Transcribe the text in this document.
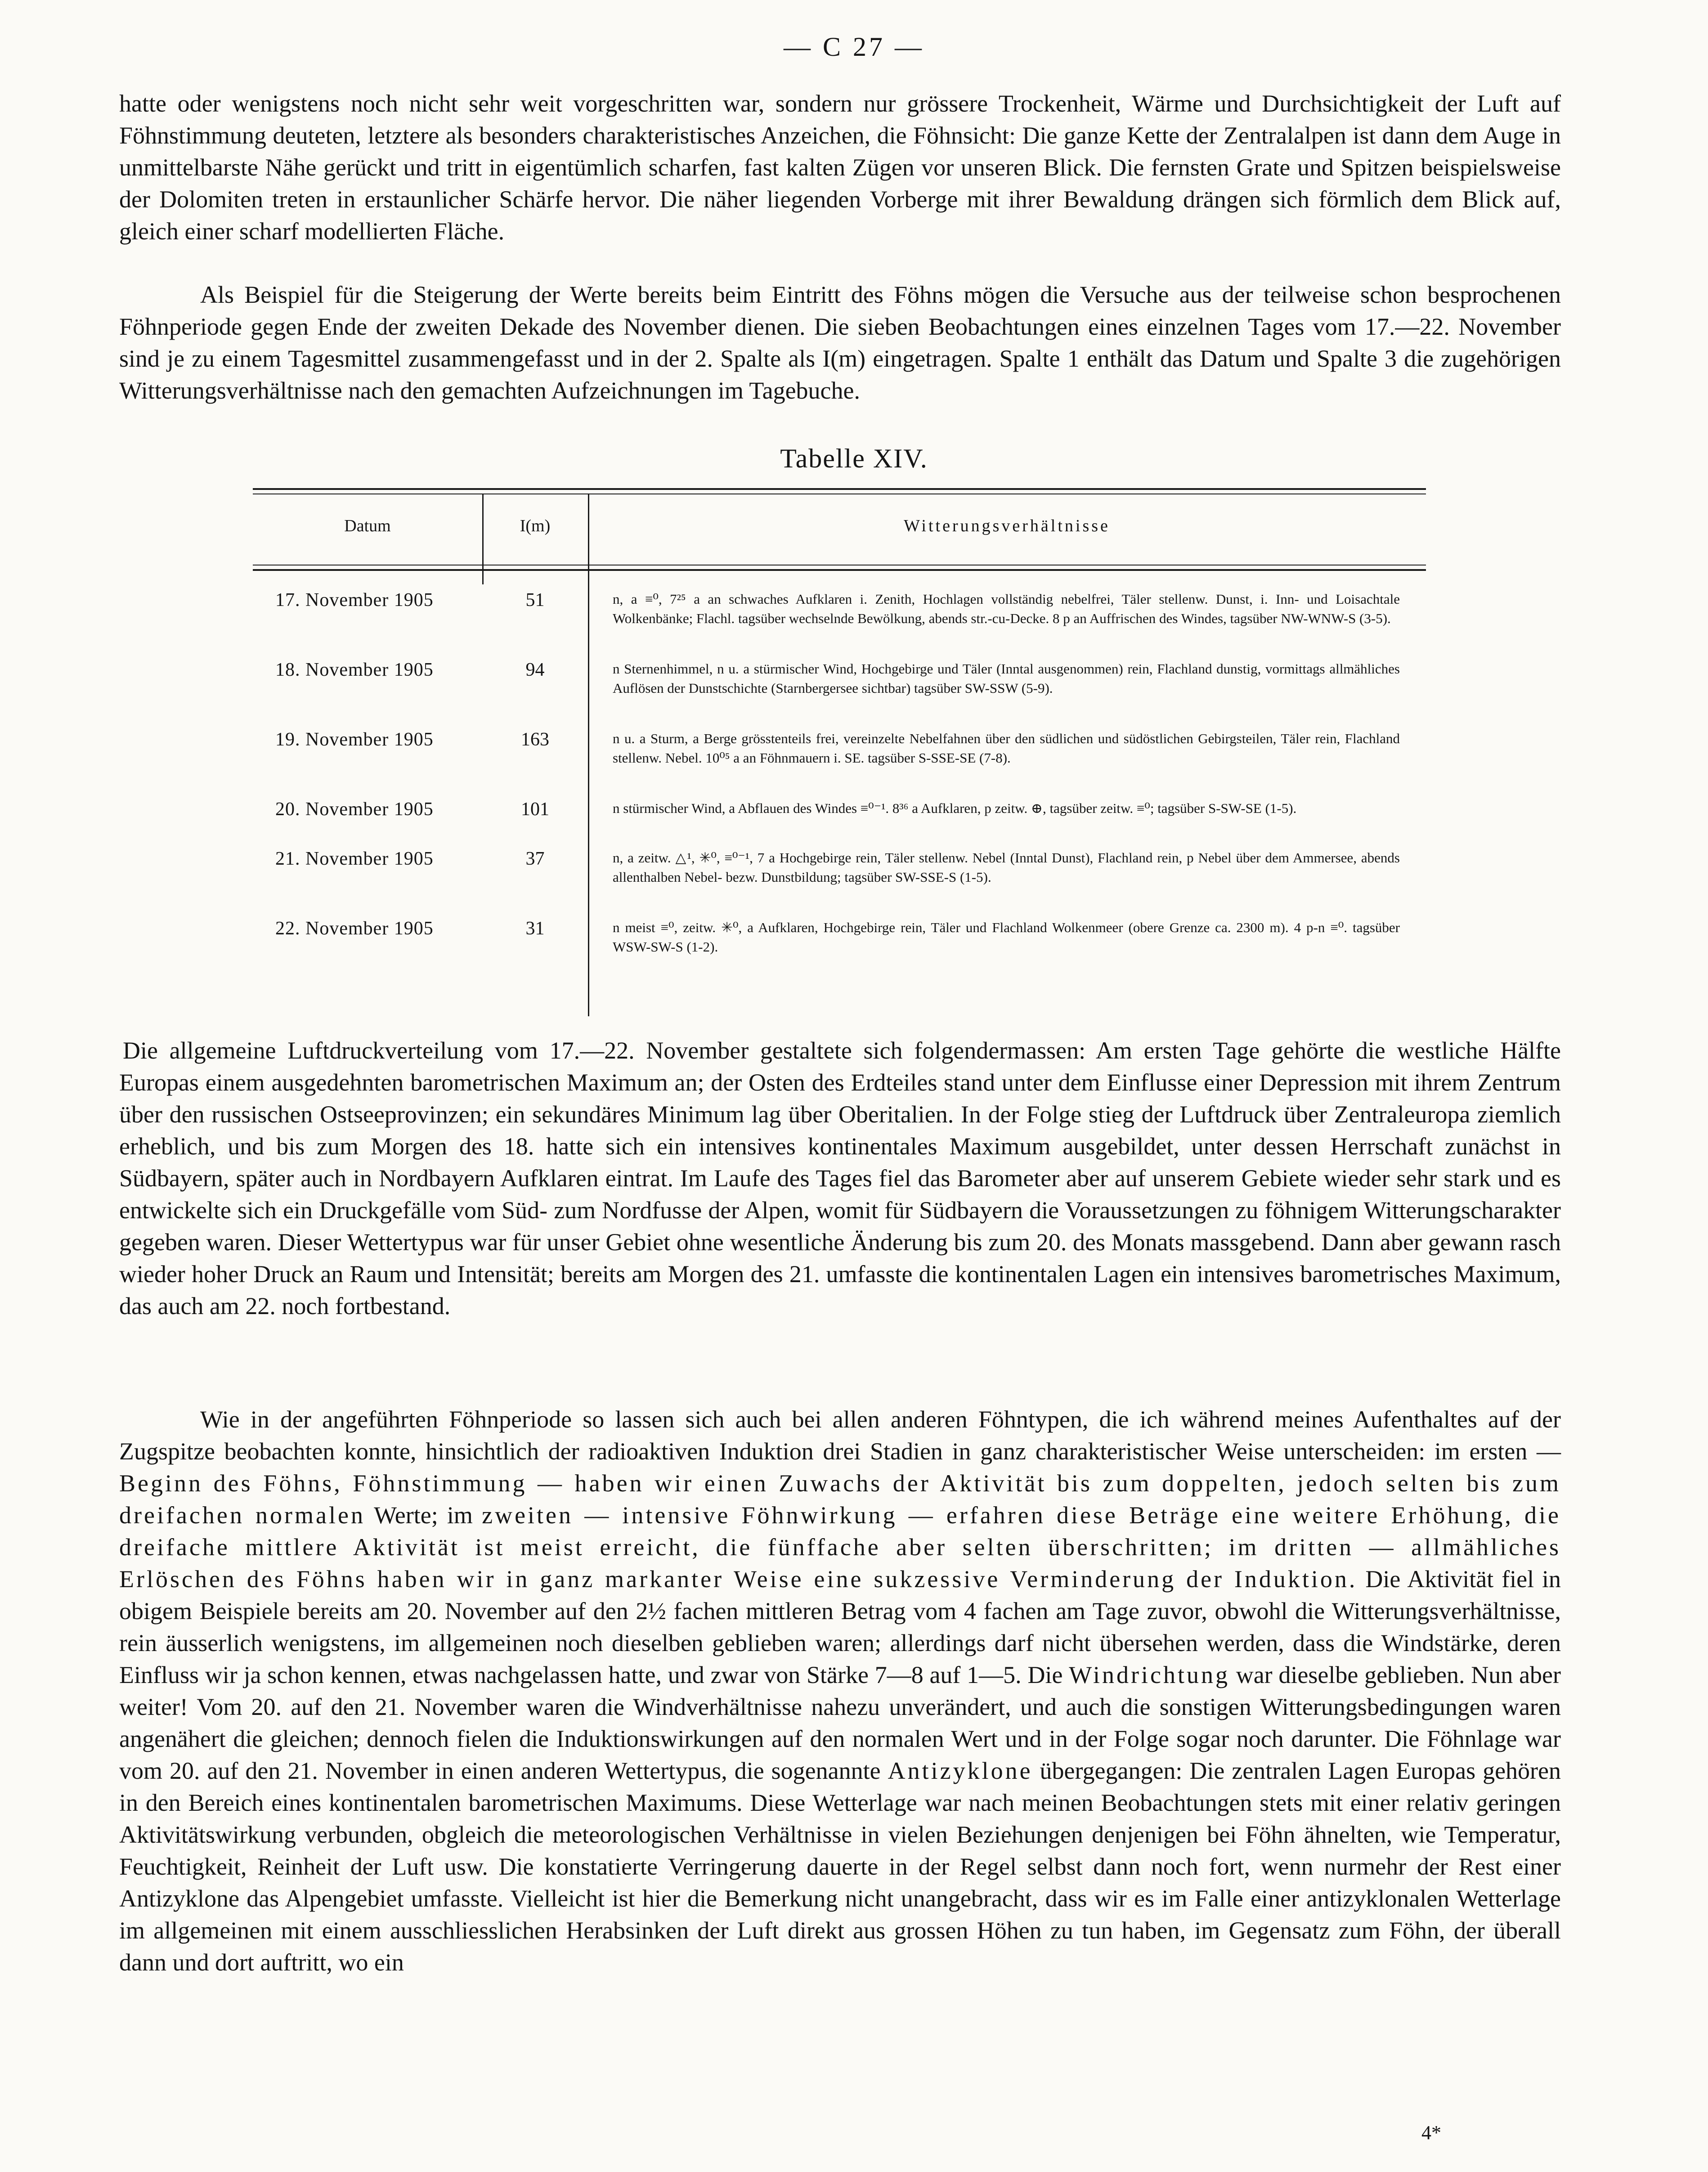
— C 27 —

hatte oder wenigstens noch nicht sehr weit vorgeschritten war, sondern nur grössere Trockenheit, Wärme und Durchsichtigkeit der Luft auf Föhnstimmung deuteten, letztere als besonders charakteristisches Anzeichen, die Föhnsicht: Die ganze Kette der Zentralalpen ist dann dem Auge in unmittelbarste Nähe gerückt und tritt in eigentümlich scharfen, fast kalten Zügen vor unseren Blick. Die fernsten Grate und Spitzen beispielsweise der Dolomiten treten in erstaunlicher Schärfe hervor. Die näher liegenden Vorberge mit ihrer Bewaldung drängen sich förmlich dem Blick auf, gleich einer scharf modellierten Fläche.

Als Beispiel für die Steigerung der Werte bereits beim Eintritt des Föhns mögen die Versuche aus der teilweise schon besprochenen Föhnperiode gegen Ende der zweiten Dekade des November dienen. Die sieben Beobachtungen eines einzelnen Tages vom 17.—22. November sind je zu einem Tagesmittel zusammengefasst und in der 2. Spalte als I(m) eingetragen. Spalte 1 enthält das Datum und Spalte 3 die zugehörigen Witterungsverhältnisse nach den gemachten Aufzeichnungen im Tagebuche.

Tabelle XIV.
Datum	I(m)	Witterungsverhältnisse
17. November 1905	51	n, a ≡⁰, 7²⁵ a an schwaches Aufklaren i. Zenith, Hochlagen vollständig nebelfrei, Täler stellenw. Dunst, i. Inn- und Loisachtale Wolkenbänke; Flachl. tagsüber wechselnde Bewölkung, abends str.-cu-Decke. 8 p an Auffrischen des Windes, tagsüber NW-WNW-S (3-5).
18. November 1905	94	n Sternenhimmel, n u. a stürmischer Wind, Hochgebirge und Täler (Inntal ausgenommen) rein, Flachland dunstig, vormittags allmähliches Auflösen der Dunstschichte (Starnbergersee sichtbar) tagsüber SW-SSW (5-9).
19. November 1905	163	n u. a Sturm, a Berge grösstenteils frei, vereinzelte Nebelfahnen über den südlichen und südöstlichen Gebirgsteilen, Täler rein, Flachland stellenw. Nebel. 10⁰⁵ a an Föhnmauern i. SE. tagsüber S-SSE-SE (7-8).
20. November 1905	101	n stürmischer Wind, a Abflauen des Windes ≡⁰⁻¹. 8³⁶ a Aufklaren, p zeitw. ⊕, tagsüber zeitw. ≡⁰; tagsüber S-SW-SE (1-5).
21. November 1905	37	n, a zeitw. △¹, ✳⁰, ≡⁰⁻¹, 7 a Hochgebirge rein, Täler stellenw. Nebel (Inntal Dunst), Flachland rein, p Nebel über dem Ammersee, abends allenthalben Nebel- bezw. Dunstbildung; tagsüber SW-SSE-S (1-5).
22. November 1905	31	n meist ≡⁰, zeitw. ✳⁰, a Aufklaren, Hochgebirge rein, Täler und Flachland Wolkenmeer (obere Grenze ca. 2300 m). 4 p-n ≡⁰. tagsüber WSW-SW-S (1-2).

Die allgemeine Luftdruckverteilung vom 17.—22. November gestaltete sich folgendermassen: Am ersten Tage gehörte die westliche Hälfte Europas einem ausgedehnten barometrischen Maximum an; der Osten des Erdteiles stand unter dem Einflusse einer Depression mit ihrem Zentrum über den russischen Ostseeprovinzen; ein sekundäres Minimum lag über Oberitalien. In der Folge stieg der Luftdruck über Zentraleuropa ziemlich erheblich, und bis zum Morgen des 18. hatte sich ein intensives kontinentales Maximum ausgebildet, unter dessen Herrschaft zunächst in Südbayern, später auch in Nordbayern Aufklaren eintrat. Im Laufe des Tages fiel das Barometer aber auf unserem Gebiete wieder sehr stark und es entwickelte sich ein Druckgefälle vom Süd- zum Nordfusse der Alpen, womit für Südbayern die Voraussetzungen zu föhnigem Witterungscharakter gegeben waren. Dieser Wettertypus war für unser Gebiet ohne wesentliche Änderung bis zum 20. des Monats massgebend. Dann aber gewann rasch wieder hoher Druck an Raum und Intensität; bereits am Morgen des 21. umfasste die kontinentalen Lagen ein intensives barometrisches Maximum, das auch am 22. noch fortbestand.

Wie in der angeführten Föhnperiode so lassen sich auch bei allen anderen Föhntypen, die ich während meines Aufenthaltes auf der Zugspitze beobachten konnte, hinsichtlich der radioaktiven Induktion drei Stadien in ganz charakteristischer Weise unterscheiden: im ersten — Beginn des Föhns, Föhnstimmung — haben wir einen Zuwachs der Aktivität bis zum doppelten, jedoch selten bis zum dreifachen normalen Werte; im zweiten — intensive Föhnwirkung — erfahren diese Beträge eine weitere Erhöhung, die dreifache mittlere Aktivität ist meist erreicht, die fünffache aber selten überschritten; im dritten — allmähliches Erlöschen des Föhns haben wir in ganz markanter Weise eine sukzessive Verminderung der Induktion. Die Aktivität fiel in obigem Beispiele bereits am 20. November auf den 2½ fachen mittleren Betrag vom 4 fachen am Tage zuvor, obwohl die Witterungsverhältnisse, rein äusserlich wenigstens, im allgemeinen noch dieselben geblieben waren; allerdings darf nicht übersehen werden, dass die Windstärke, deren Einfluss wir ja schon kennen, etwas nachgelassen hatte, und zwar von Stärke 7—8 auf 1—5. Die Windrichtung war dieselbe geblieben. Nun aber weiter! Vom 20. auf den 21. November waren die Windverhältnisse nahezu unverändert, und auch die sonstigen Witterungsbedingungen waren angenähert die gleichen; dennoch fielen die Induktionswirkungen auf den normalen Wert und in der Folge sogar noch darunter. Die Föhnlage war vom 20. auf den 21. November in einen anderen Wettertypus, die sogenannte Antizyklone übergegangen: Die zentralen Lagen Europas gehören in den Bereich eines kontinentalen barometrischen Maximums. Diese Wetterlage war nach meinen Beobachtungen stets mit einer relativ geringen Aktivitätswirkung verbunden, obgleich die meteorologischen Verhältnisse in vielen Beziehungen denjenigen bei Föhn ähnelten, wie Temperatur, Feuchtigkeit, Reinheit der Luft usw. Die konstatierte Verringerung dauerte in der Regel selbst dann noch fort, wenn nurmehr der Rest einer Antizyklone das Alpengebiet umfasste. Vielleicht ist hier die Bemerkung nicht unangebracht, dass wir es im Falle einer antizyklonalen Wetterlage im allgemeinen mit einem ausschliesslichen Herabsinken der Luft direkt aus grossen Höhen zu tun haben, im Gegensatz zum Föhn, der überall dann und dort auftritt, wo ein

4*
